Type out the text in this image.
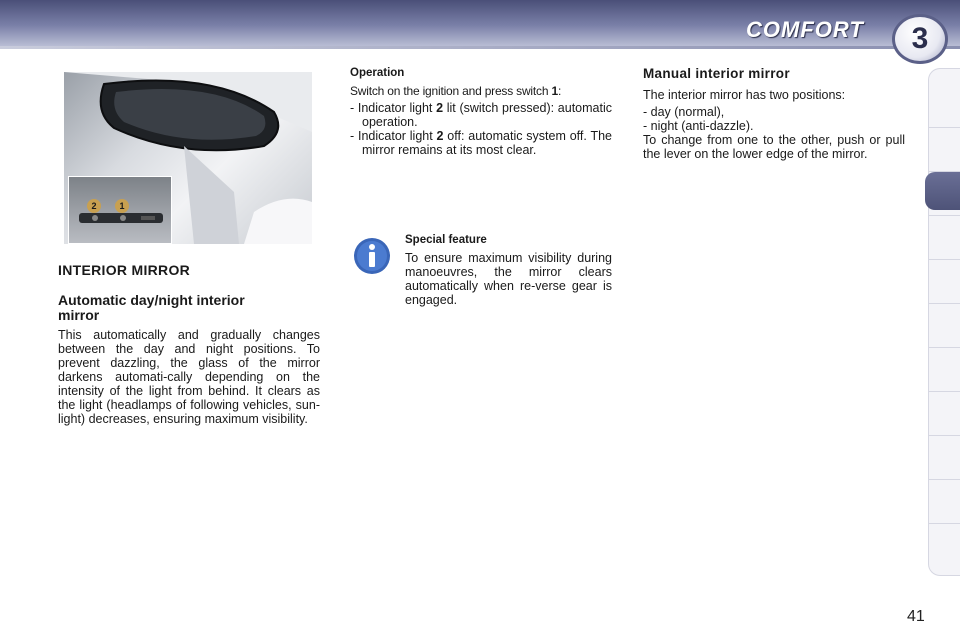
COMFORT 3
2	1
INTERIOR MIRROR
Automatic day/night interior mirror
This automatically and gradually changes between the day and night positions. To prevent dazzling, the glass of the mirror darkens automati-cally depending on the intensity of the light from behind. It clears as the light (headlamps of following vehicles, sun-light) decreases, ensuring maximum visibility.
Operation
Switch on the ignition and press switch 1:
- Indicator light 2 lit (switch pressed): automatic operation.
- Indicator light 2 off: automatic system off. The mirror remains at its most clear.
Special feature
To ensure maximum visibility during manoeuvres, the mirror clears automatically when re-verse gear is engaged.
Manual interior mirror
The interior mirror has two positions:
- day (normal),
- night (anti-dazzle).
To change from one to the other, push or pull the lever on the lower edge of the mirror.
41
